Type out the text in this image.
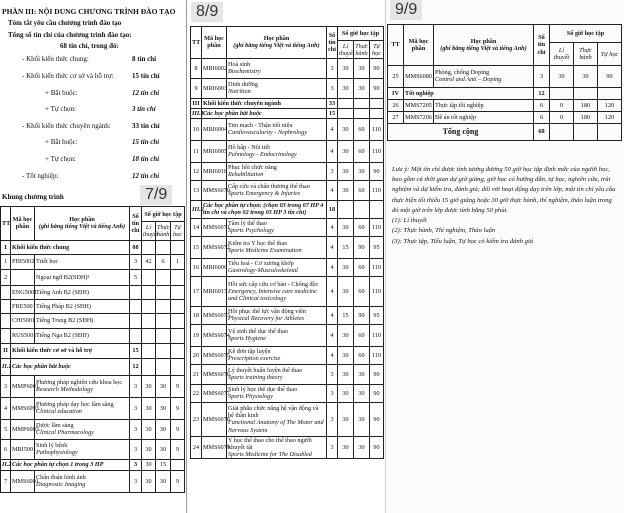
7/9
PHẦN III: NỘI DUNG CHƯƠNG TRÌNH ĐÀO TẠO
Tóm tắt yêu cầu chương trình đào tạo
Tổng số tín chỉ của chương trình đào tạo:
68 tín chỉ, trong đó:
- Khối kiến thức chung:	8 tín chỉ
- Khối kiến thức cơ sở và hỗ trợ:	15 tín chỉ
+ Bắt buộc:	12 tín chỉ
+ Tự chọn:	3 tín chỉ
- Khối kiến thức chuyên ngành:	33 tín chỉ
+ Bắt buộc:	15 tín chỉ
+ Tự chọn:	18 tín chỉ
- Tốt nghiệp:	12 tín chỉ
Khung chương trình
TT	Mã học phần	Học phần
(ghi bằng tiếng Việt và tiếng Anh)	Số tín chỉ	Số giờ học tập		
				Lí thuyết	Thực hành	Tự học
I	Khối kiến thức chung		08			
1	PHI5002	Triết học	3	42	6	1
2		Ngoại ngữ B2(SĐH)²	5			
	ENG5001	Tiếng Anh B2 (SĐH)				
	FRE5001	Tiếng Pháp B2 (SĐH)				
	CHI5001	Tiếng Trung B2 (SĐH)				
	RUS5001	Tiếng Nga B2 (SĐH)				
II	Khối kiến thức cơ sở và hỗ trợ		15			
II.1	Các học phần bắt buộc		12			
3	MMP6001	Phương pháp nghiên cứu khoa học
Research Methodology	3	30	30	9
4	MMS6093	Phương pháp dạy học lâm sàng
Clinical education	3	30	30	9
5	MMP6003	Dược lâm sàng
Clinical Pharmacology	3	30	30	9
6	MRI5001	Sinh lý bệnh
Pathophysiology	3	30	30	9
II.2	Các học phần tự chọn 1 trong 3 HP		3	30	15	
7	MMS6001	Chẩn đoán hình ảnh
Diagnostic Imaging	3	30	30	9
8/9
TT	Mã học phần	Học phần
(ghi bằng tiếng Việt và tiếng Anh)	Số tín chỉ	Số giờ học tập		
				Lí thuyết	Thực hành	Tự học
8	MRI6002	Hoá sinh
Biochemistry	3	30	30	90
9	MRI6003	Dinh dưỡng
Nutrition	3	30	30	90
III	Khối kiến thức chuyên ngành		33			
III.1	Các học phần bắt buộc		15			
10	MRI6004	Tim mạch - Thận tiết niệu
Cardiovascularity - Nephrology	4	30	60	110
11	MRI6005	Hô hấp - Nội tiết
Pulmology - Endocrinology	4	30	60	110
12	MRI6018	Phục hồi chức năng
Rehabilitation	3	30	30	90
13	MMS6070	Cấp cứu và chấn thương thể thao
Sports Emergency & Injuries	4	30	60	110
III.2	Các học phần tự chọn: (chọn 03 trong 07 HP 4 tín chỉ và chọn 02 trong 03 HP 3 tín chỉ)		18			
14	MMS6071	Tâm lý thể thao
Sports Psychology	4	30	60	110
15	MMS6072	Kiểm tra Y học thể thao
Sports Medicine Examination	4	15	90	95
16	MRI6006	Tiêu hoá - Cơ xương khớp
Gastrology-Musculoskeletal	4	30	60	110
17	MRI6017	Hồi sức cấp cứu cơ bản - Chống độc
Emergency, Intensive care medicine and Clinical toxicology	4	30	60	110
18	MMS6073	Hồi phục thể lực vận động viên
Physical Recovery for Athletes	4	15	90	95
19	MMS6074	Vệ sinh thể dục thể thao
Sports Hygiene	4	30	60	110
20	MMS6075	Kê đơn tập luyện
Prescription exercise	4	30	60	110
21	MMS6076	Lý thuyết huấn luyện thể thao
Sports training theory	3	30	30	90
22	MMS6077	Sinh lý học thể dục thể thao
Sports Physiology	3	30	30	90
23	MMS6078	Giải phẫu chức năng hệ vận động và hệ thần kinh
Functional Anatomy of The Motor and Nervous System	3	30	30	90
24	MMS6079	Y học thể thao cho thể thao người khuyết tật
Sports Medicine for The Disabled	3	30	30	90
9/9
TT	Mã học phần	Học phần
(ghi bằng tiếng Việt và tiếng Anh)	Số tín chỉ	Số giờ học tập		
				Lí thuyết	Thực hành	Tự học
25	MMS6080	Phòng, chống Doping
Control and Anti – Doping	3	30	30	90
IV	Tốt nghiệp		12			
26	MMS7205	Thực tập tốt nghiệp	6	0	180	120
27	MMS7206	Đề án tốt nghiệp	6	0	180	120
Tổng cộng			68			
Lưu ý: Một tín chỉ được tính tương đương 50 giờ học tập định mức của người học, bao gồm cả thời gian dự giờ giảng, giờ học có hướng dẫn, tự học, nghiên cứu, trải nghiệm và dự kiểm tra, đánh giá; đối với hoạt động dạy trên lớp, một tín chỉ yêu cầu thực hiện tối thiểu 15 giờ giảng hoặc 30 giờ thực hành, thí nghiệm, thảo luận trong đó một giờ trên lớp được tính bằng 50 phút.
(1): Lí thuyết
(2): Thực hành, Thí nghiệm, Thảo luận
(3): Thực tập, Tiểu luận, Tự học có kiểm tra đánh giá
